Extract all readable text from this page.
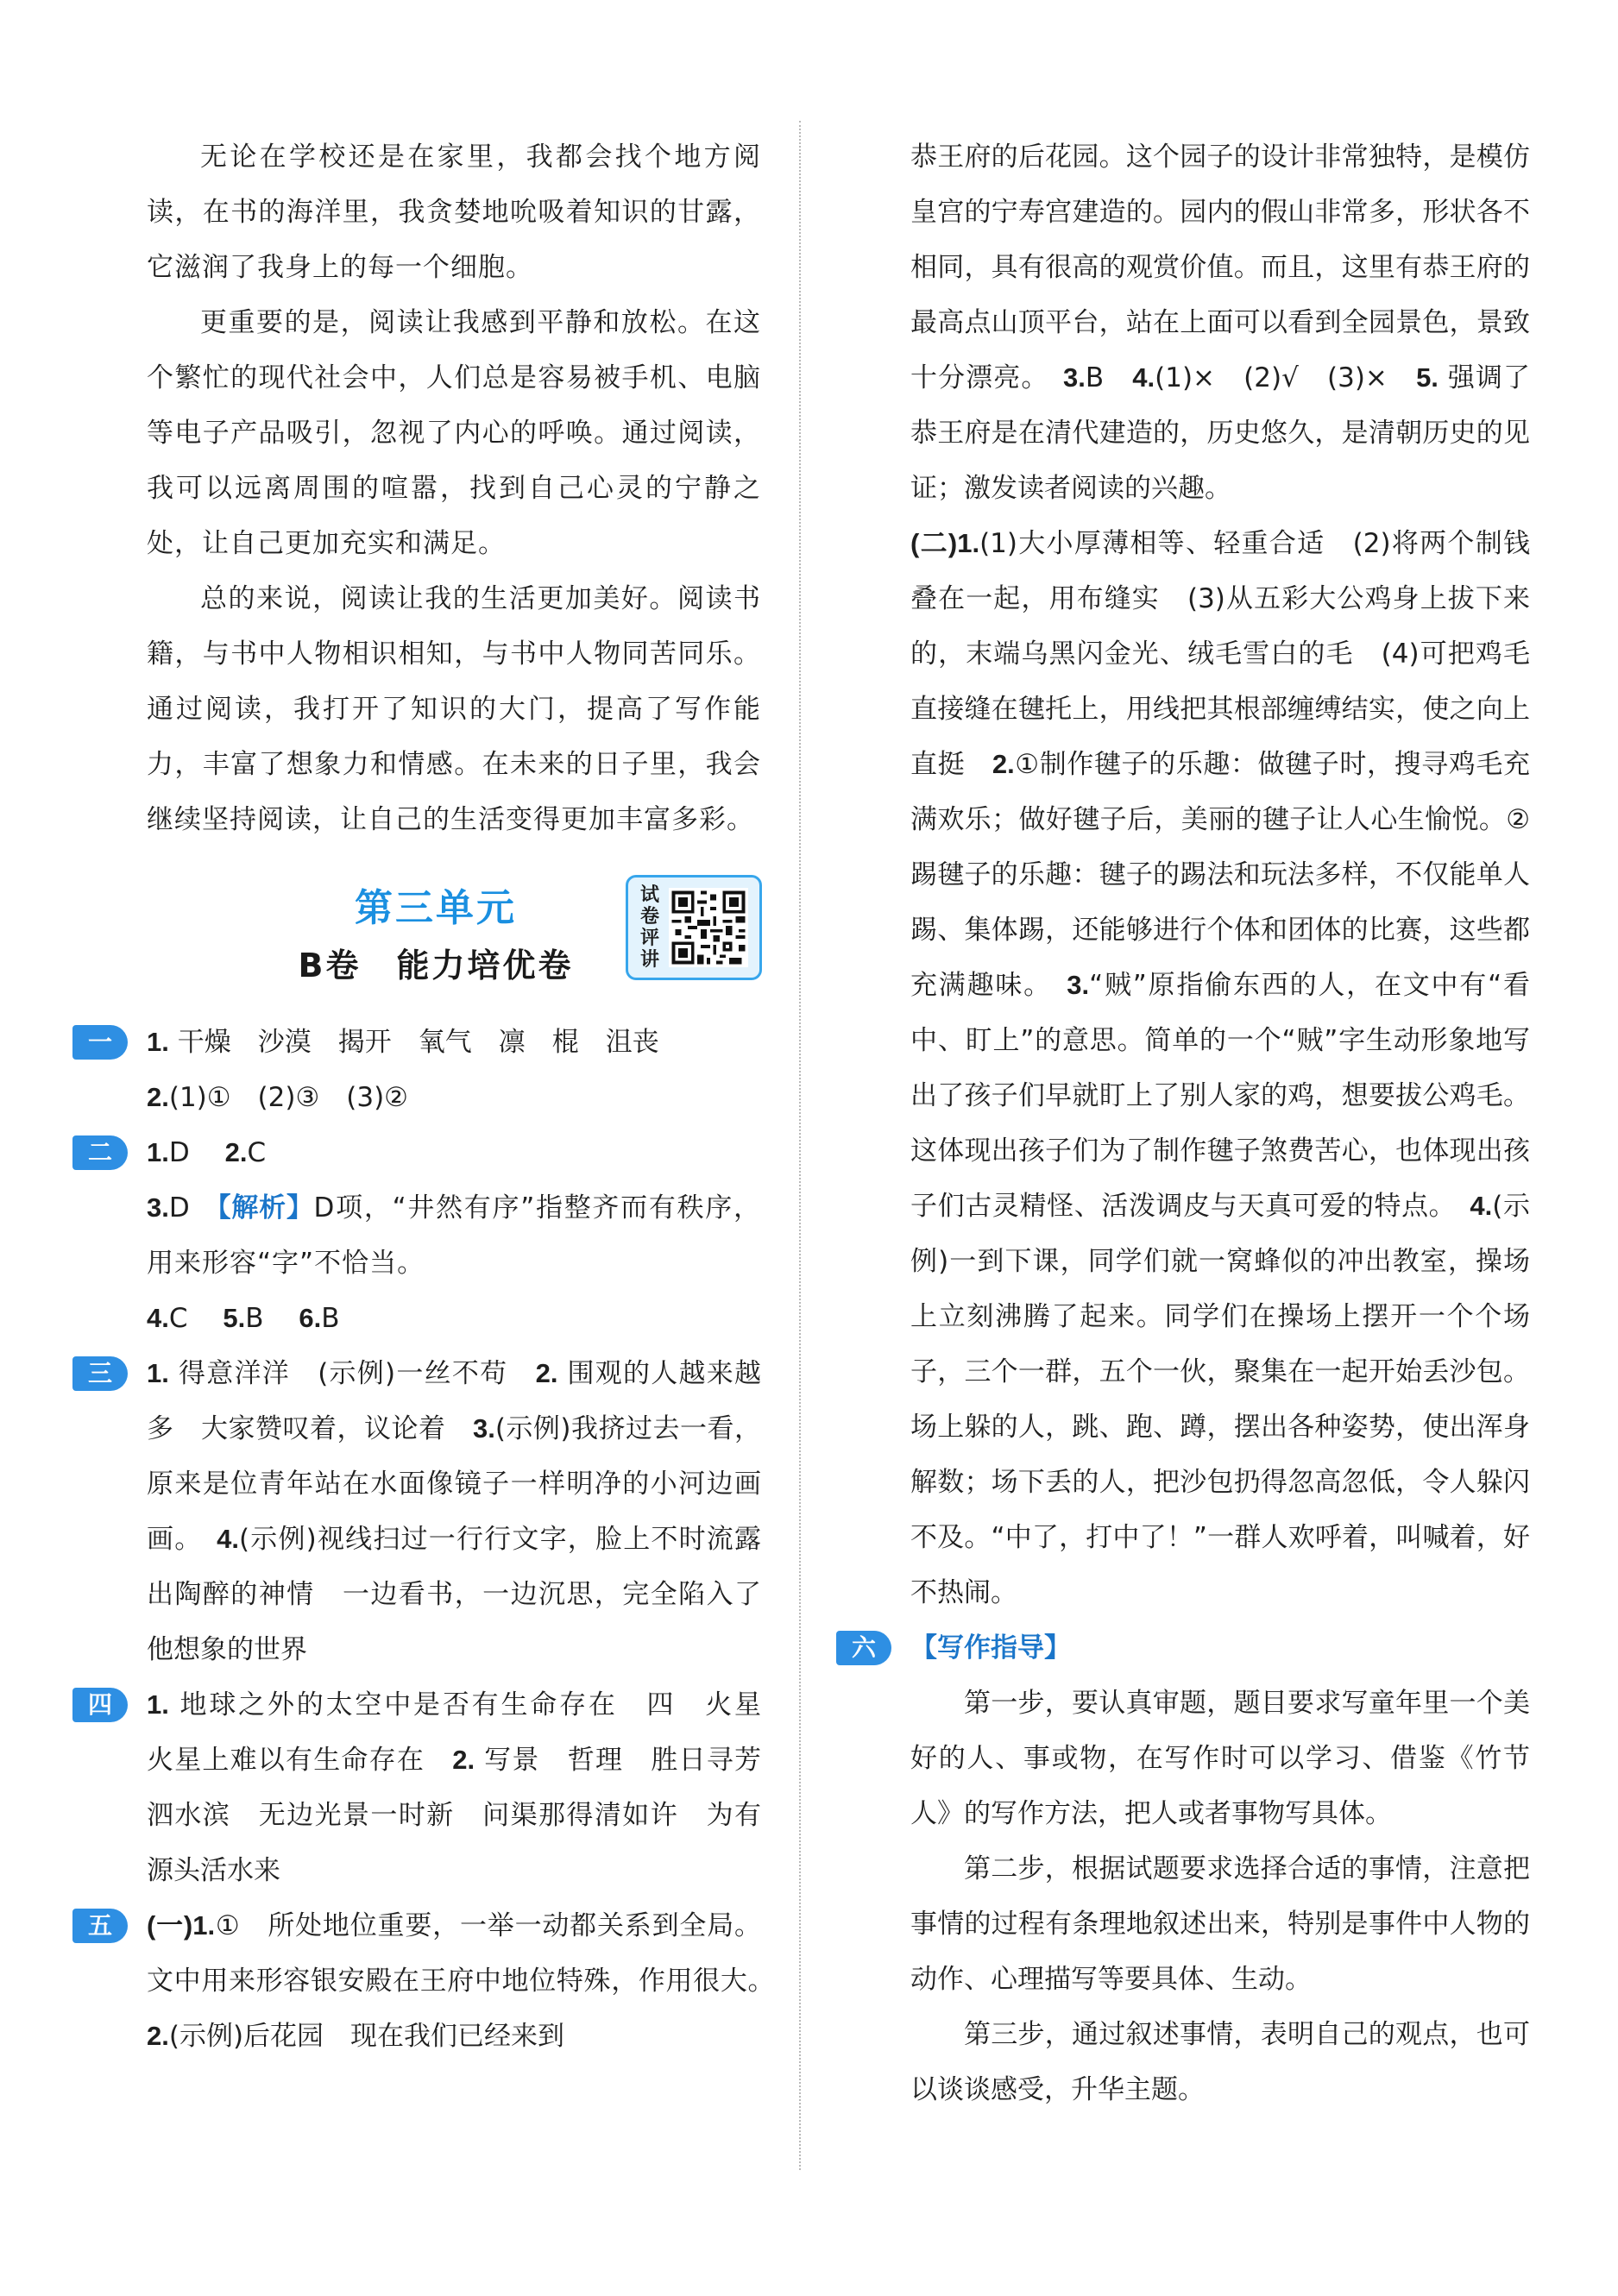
无论在学校还是在家里，我都会找个地方阅读，在书的海洋里，我贪婪地吮吸着知识的甘露，它滋润了我身上的每一个细胞。

更重要的是，阅读让我感到平静和放松。在这个繁忙的现代社会中，人们总是容易被手机、电脑等电子产品吸引，忽视了内心的呼唤。通过阅读，我可以远离周围的喧嚣，找到自己心灵的宁静之处，让自己更加充实和满足。

总的来说，阅读让我的生活更加美好。阅读书籍，与书中人物相识相知，与书中人物同苦同乐。通过阅读，我打开了知识的大门，提高了写作能力，丰富了想象力和情感。在未来的日子里，我会继续坚持阅读，让自己的生活变得更加丰富多彩。

第三单元
B卷　能力培优卷
试卷评讲
一	1. 干燥　沙漠　揭开　氧气　凛　棍　沮丧

2.(1)①　(2)③　(3)②

二	1.D　 2.C

3.D　【解析】D项，“井然有序”指整齐而有秩序，用来形容“字”不恰当。

4.C　 5.B　 6.B

三	1. 得意洋洋　(示例)一丝不苟　2. 围观的人越来越多　大家赞叹着，议论着　3.(示例)我挤过去一看，原来是位青年站在水面像镜子一样明净的小河边画画。　4.(示例)视线扫过一行行文字，脸上不时流露出陶醉的神情　一边看书，一边沉思，完全陷入了他想象的世界

四	1. 地球之外的太空中是否有生命存在　四　火星　火星上难以有生命存在　2. 写景　哲理　胜日寻芳泗水滨　无边光景一时新　问渠那得清如许　为有源头活水来

五	(一)1.①　所处地位重要，一举一动都关系到全局。文中用来形容银安殿在王府中地位特殊，作用很大。　2.(示例)后花园　现在我们已经来到

恭王府的后花园。这个园子的设计非常独特，是模仿皇宫的宁寿宫建造的。园内的假山非常多，形状各不相同，具有很高的观赏价值。而且，这里有恭王府的最高点山顶平台，站在上面可以看到全园景色，景致十分漂亮。　3.B　4.(1)×　(2)√　(3)×　5. 强调了恭王府是在清代建造的，历史悠久，是清朝历史的见证；激发读者阅读的兴趣。

(二)1.(1)大小厚薄相等、轻重合适　(2)将两个制钱叠在一起，用布缝实　(3)从五彩大公鸡身上拔下来的，末端乌黑闪金光、绒毛雪白的毛　(4)可把鸡毛直接缝在毽托上，用线把其根部缠缚结实，使之向上直挺　2.①制作毽子的乐趣：做毽子时，搜寻鸡毛充满欢乐；做好毽子后，美丽的毽子让人心生愉悦。②踢毽子的乐趣：毽子的踢法和玩法多样，不仅能单人踢、集体踢，还能够进行个体和团体的比赛，这些都充满趣味。　3.“贼”原指偷东西的人，在文中有“看中、盯上”的意思。简单的一个“贼”字生动形象地写出了孩子们早就盯上了别人家的鸡，想要拔公鸡毛。这体现出孩子们为了制作毽子煞费苦心，也体现出孩子们古灵精怪、活泼调皮与天真可爱的特点。　4.(示例)一到下课，同学们就一窝蜂似的冲出教室，操场上立刻沸腾了起来。同学们在操场上摆开一个个场子，三个一群，五个一伙，聚集在一起开始丢沙包。场上躲的人，跳、跑、蹲，摆出各种姿势，使出浑身解数；场下丢的人，把沙包扔得忽高忽低，令人躲闪不及。“中了，打中了！”一群人欢呼着，叫喊着，好不热闹。

六	【写作指导】

第一步，要认真审题，题目要求写童年里一个美好的人、事或物，在写作时可以学习、借鉴《竹节人》的写作方法，把人或者事物写具体。

第二步，根据试题要求选择合适的事情，注意把事情的过程有条理地叙述出来，特别是事件中人物的动作、心理描写等要具体、生动。

第三步，通过叙述事情，表明自己的观点，也可以谈谈感受，升华主题。
